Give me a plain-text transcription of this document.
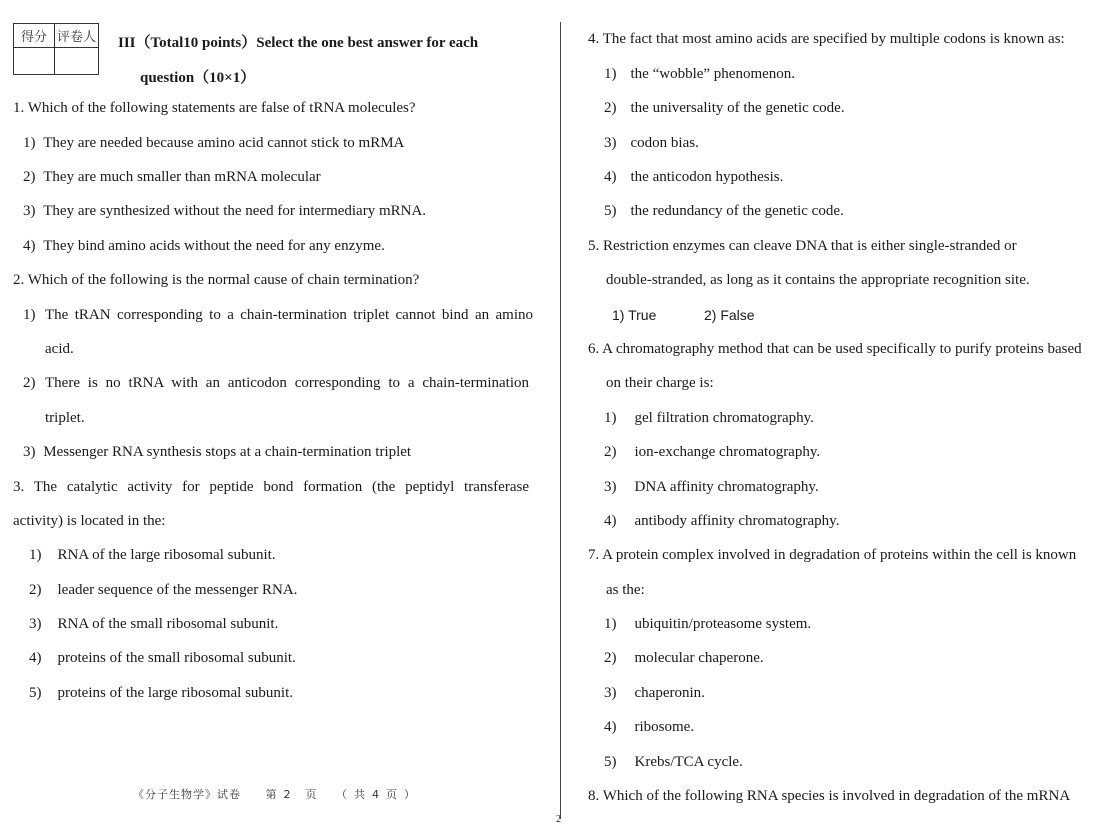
得分	评卷人
	III（Total10 points）Select the one best answer for each
question（10×1）
1. Which of the following statements are false of tRNA molecules?
1) They are needed because amino acid cannot stick to mRMA
2) They are much smaller than mRNA molecular
3) They are synthesized without the need for intermediary mRNA.
4) They bind amino acids without the need for any enzyme.
2. Which of the following is the normal cause of chain termination?
1) The tRAN corresponding to a chain-termination triplet cannot bind an amino
acid.
2) There is no tRNA with an anticodon corresponding to a chain-termination
triplet.
3) Messenger RNA synthesis stops at a chain-termination triplet
3. The catalytic activity for peptide bond formation (the peptidyl transferase
activity) is located in the:
1) RNA of the large ribosomal subunit.
2) leader sequence of the messenger RNA.
3) RNA of the small ribosomal subunit.
4) proteins of the small ribosomal subunit.
5) proteins of the large ribosomal subunit.
《分子生物学》试卷 第 2 页 （ 共 4 页 ）
2
4. The fact that most amino acids are specified by multiple codons is known as:
1) the “wobble” phenomenon.
2) the universality of the genetic code.
3) codon bias.
4) the anticodon hypothesis.
5) the redundancy of the genetic code.
5. Restriction enzymes can cleave DNA that is either single-stranded or
double-stranded, as long as it contains the appropriate recognition site.
1) True	2) False
6. A chromatography method that can be used specifically to purify proteins based
on their charge is:
1) gel filtration chromatography.
2) ion-exchange chromatography.
3) DNA affinity chromatography.
4) antibody affinity chromatography.
7. A protein complex involved in degradation of proteins within the cell is known
as the:
1) ubiquitin/proteasome system.
2) molecular chaperone.
3) chaperonin.
4) ribosome.
5) Krebs/TCA cycle.
8. Which of the following RNA species is involved in degradation of the mRNA
